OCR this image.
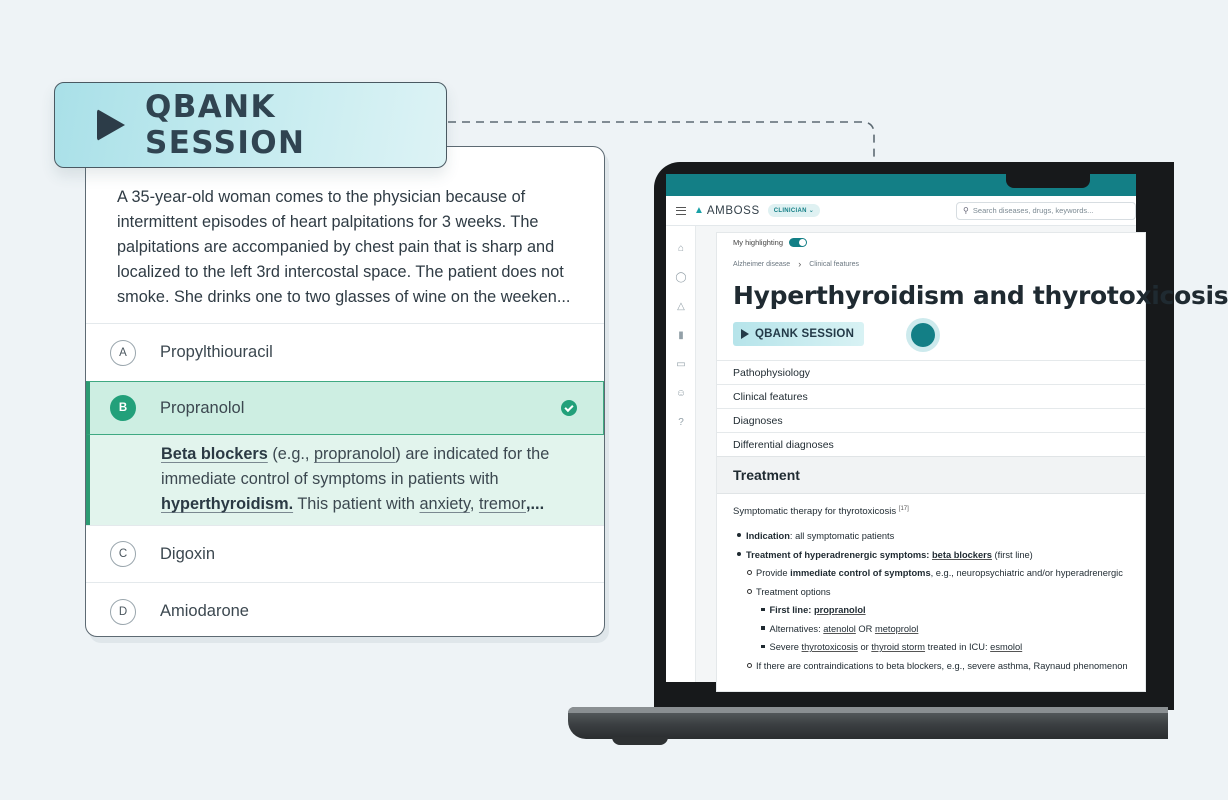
▲ AMBOSS	CLINICIAN ⌄	⚲ Search diseases, drugs, keywords...
⌂
◯
△
▮
▭
☺
?
My highlighting
Alzheimer disease › Clinical features
Hyperthyroidism and thyrotoxicosis
QBANK SESSION
Pathophysiology
Clinical features
Diagnoses
Differential diagnoses
Treatment
Symptomatic therapy for thyrotoxicosis [17]
Indication: all symptomatic patients
Treatment of hyperadrenergic symptoms: beta blockers (first line)
Provide immediate control of symptoms, e.g., neuropsychiatric and/or hyperadrenergic
Treatment options
First line: propranolol
Alternatives: atenolol OR metoprolol
Severe thyrotoxicosis or thyroid storm treated in ICU: esmolol
If there are contraindications to beta blockers, e.g., severe asthma, Raynaud phenomenon
A 35-year-old woman comes to the physician because of intermittent episodes of heart palpitations for 3 weeks. The palpitations are accompanied by chest pain that is sharp and localized to the left 3rd intercostal space. The patient does not smoke. She drinks one to two glasses of wine on the weeken...
A	Propylthiouracil
B	Propranolol
Beta blockers (e.g., propranolol) are indicated for the immediate control of symptoms in patients with hyperthyroidism. This patient with anxiety, tremor,...
C	Digoxin
D	Amiodarone
QBANK SESSION
